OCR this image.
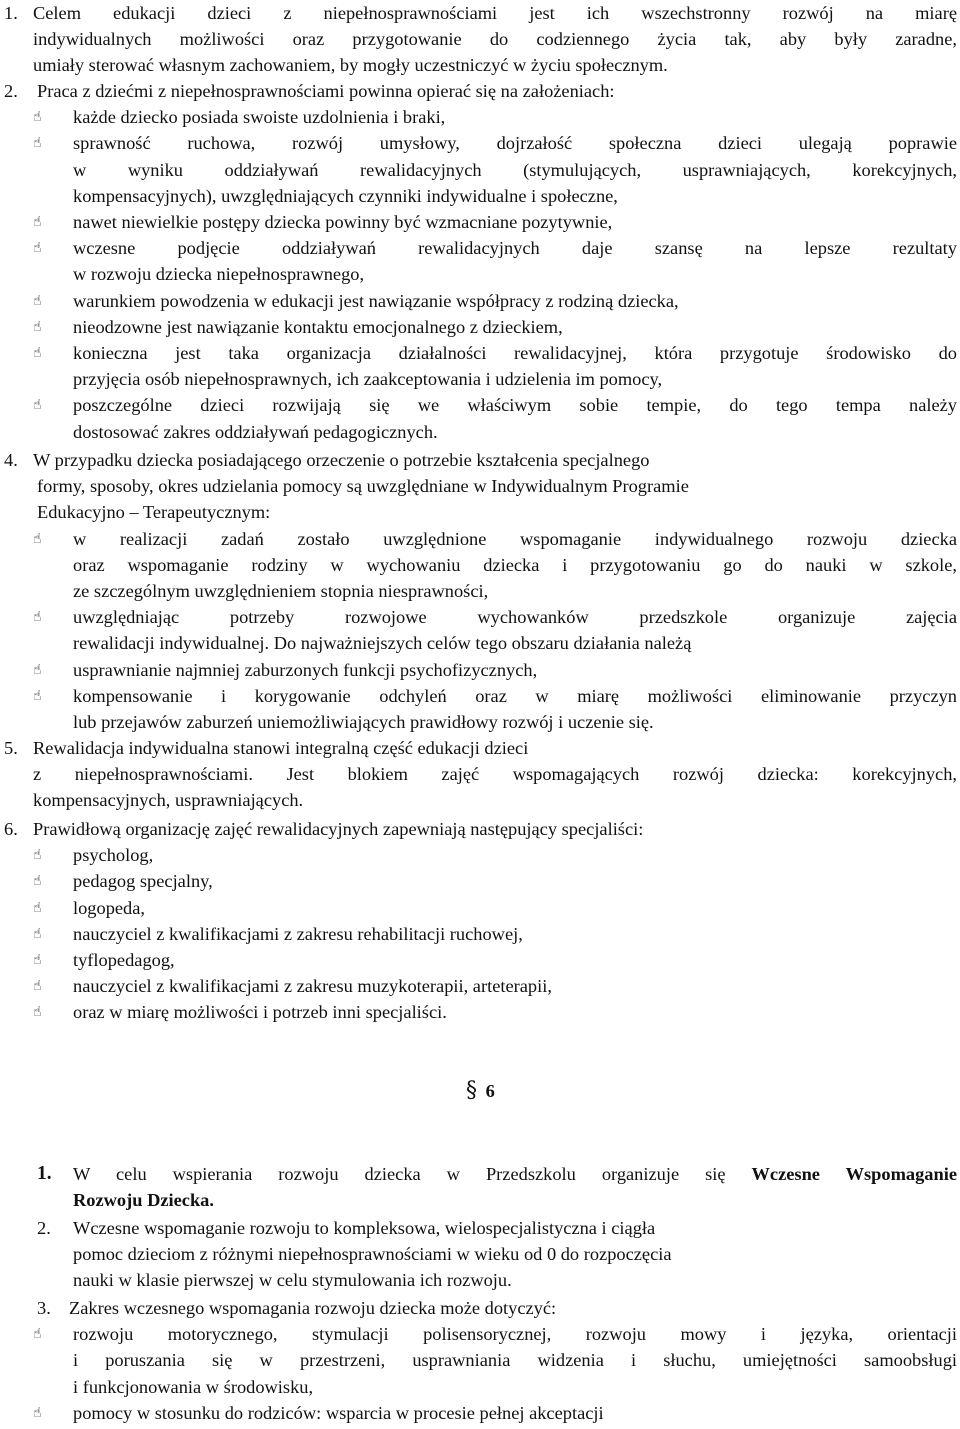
1. Celem edukacji dzieci z niepełnosprawnościami jest ich wszechstronny rozwój na miarę
indywidualnych możliwości oraz przygotowanie do codziennego życia tak, aby były zaradne,
umiały sterować własnym zachowaniem, by mogły uczestniczyć w życiu społecznym.
2. Praca z dziećmi z niepełnosprawnościami powinna opierać się na założeniach:
☝	każde dziecko posiada swoiste uzdolnienia i braki,
☝	sprawność ruchowa, rozwój umysłowy, dojrzałość społeczna dzieci ulegają poprawie
w wyniku oddziaływań rewalidacyjnych (stymulujących, usprawniających, korekcyjnych,
kompensacyjnych), uwzględniających czynniki indywidualne i społeczne,
☝	nawet niewielkie postępy dziecka powinny być wzmacniane pozytywnie,
☝	wczesne podjęcie oddziaływań rewalidacyjnych daje szansę na lepsze rezultaty
w rozwoju dziecka niepełnosprawnego,
☝	warunkiem powodzenia w edukacji jest nawiązanie współpracy z rodziną dziecka,
☝	nieodzowne jest nawiązanie kontaktu emocjonalnego z dzieckiem,
☝	konieczna jest taka organizacja działalności rewalidacyjnej, która przygotuje środowisko do
przyjęcia osób niepełnosprawnych, ich zaakceptowania i udzielenia im pomocy,
☝	poszczególne dzieci rozwijają się we właściwym sobie tempie, do tego tempa należy
dostosować zakres oddziaływań pedagogicznych.
4. W przypadku dziecka posiadającego orzeczenie o potrzebie kształcenia specjalnego
formy, sposoby, okres udzielania pomocy są uwzględniane w Indywidualnym Programie
Edukacyjno – Terapeutycznym:
☝	w realizacji zadań zostało uwzględnione wspomaganie indywidualnego rozwoju dziecka
oraz wspomaganie rodziny w wychowaniu dziecka i przygotowaniu go do nauki w szkole,
ze szczególnym uwzględnieniem stopnia niesprawności,
☝	uwzględniając potrzeby rozwojowe wychowanków przedszkole organizuje zajęcia
rewalidacji indywidualnej. Do najważniejszych celów tego obszaru działania należą
☝	usprawnianie najmniej zaburzonych funkcji psychofizycznych,
☝	kompensowanie i korygowanie odchyleń oraz w miarę możliwości eliminowanie przyczyn
lub przejawów zaburzeń uniemożliwiających prawidłowy rozwój i uczenie się.
5. Rewalidacja indywidualna stanowi integralną część edukacji dzieci
z niepełnosprawnościami. Jest blokiem zajęć wspomagających rozwój dziecka: korekcyjnych,
kompensacyjnych, usprawniających.
6. Prawidłową organizację zajęć rewalidacyjnych zapewniają następujący specjaliści:
☝	psycholog,
☝	pedagog specjalny,
☝	logopeda,
☝	nauczyciel z kwalifikacjami z zakresu rehabilitacji ruchowej,
☝	tyflopedagog,
☝	nauczyciel z kwalifikacjami z zakresu muzykoterapii, arteterapii,
☝	oraz w miarę możliwości i potrzeb inni specjaliści.
§ 6
1. W celu wspierania rozwoju dziecka w Przedszkolu organizuje się Wczesne Wspomaganie
Rozwoju Dziecka.
2. Wczesne wspomaganie rozwoju to kompleksowa, wielospecjalistyczna i ciągła
pomoc dzieciom z różnymi niepełnosprawnościami w wieku od 0 do rozpoczęcia
nauki w klasie pierwszej w celu stymulowania ich rozwoju.
3. Zakres wczesnego wspomagania rozwoju dziecka może dotyczyć:
☝	rozwoju motorycznego, stymulacji polisensorycznej, rozwoju mowy i języka, orientacji
i poruszania się w przestrzeni, usprawniania widzenia i słuchu, umiejętności samoobsługi
i funkcjonowania w środowisku,
☝	pomocy w stosunku do rodziców: wsparcia w procesie pełnej akceptacji
